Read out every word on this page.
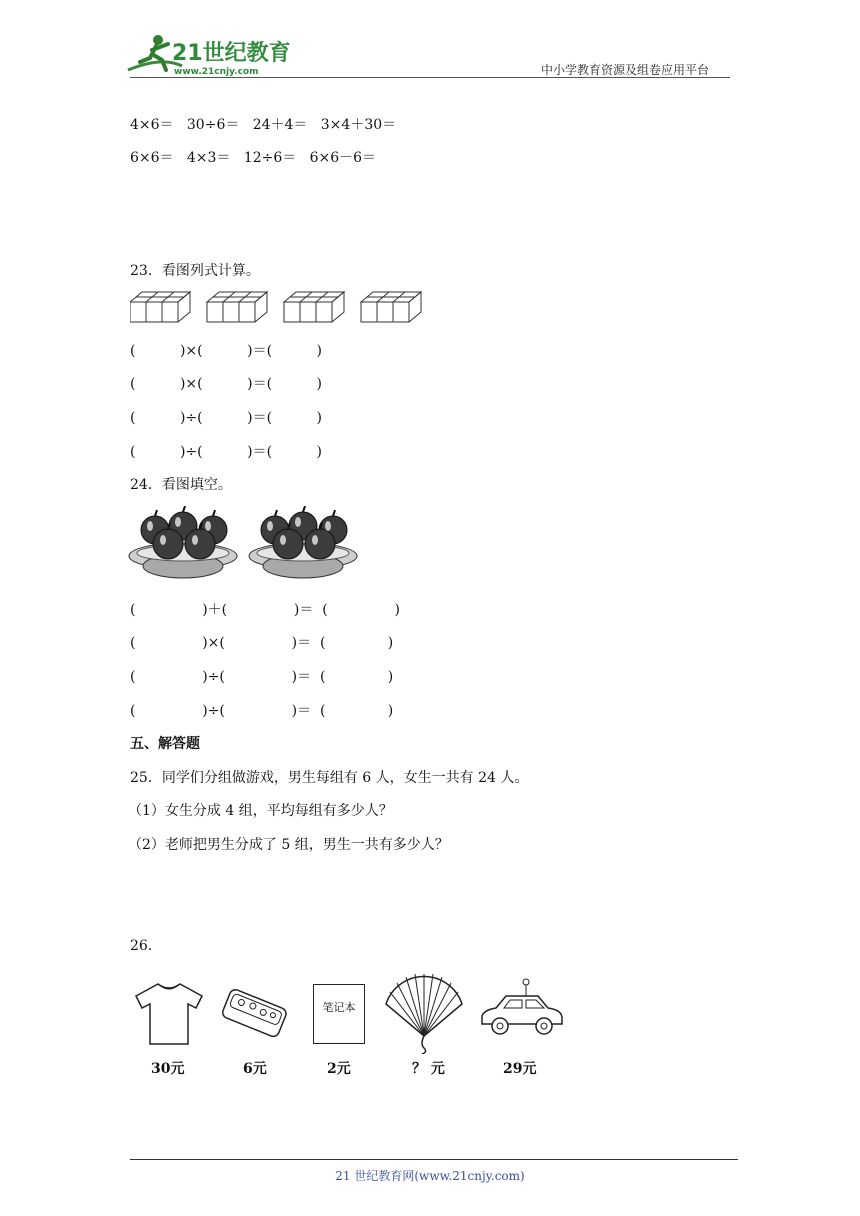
21世纪教育
www.21cnjy.com	中小学教育资源及组卷应用平台
4×6＝   30÷6＝   24＋4＝   3×4＋30＝
6×6＝   4×3＝   12÷6＝   6×6－6＝
23．看图列式计算。
(          )×(          )＝(          )
(          )×(          )＝(          )
(          )÷(          )＝(          )
(          )÷(          )＝(          )
24．看图填空。
(               )＋(               )＝  (               )
(               )×(               )＝  (              )
(               )÷(               )＝  (              )
(               )÷(               )＝  (              )
五、解答题
25．同学们分组做游戏，男生每组有 6 人，女生一共有 24 人。
（1）女生分成 4 组，平均每组有多少人？
（2）老师把男生分成了 5 组，男生一共有多少人？
26．
30元	6元
笔记本
2元	？ 元	29元
21 世纪教育网(www.21cnjy.com)
